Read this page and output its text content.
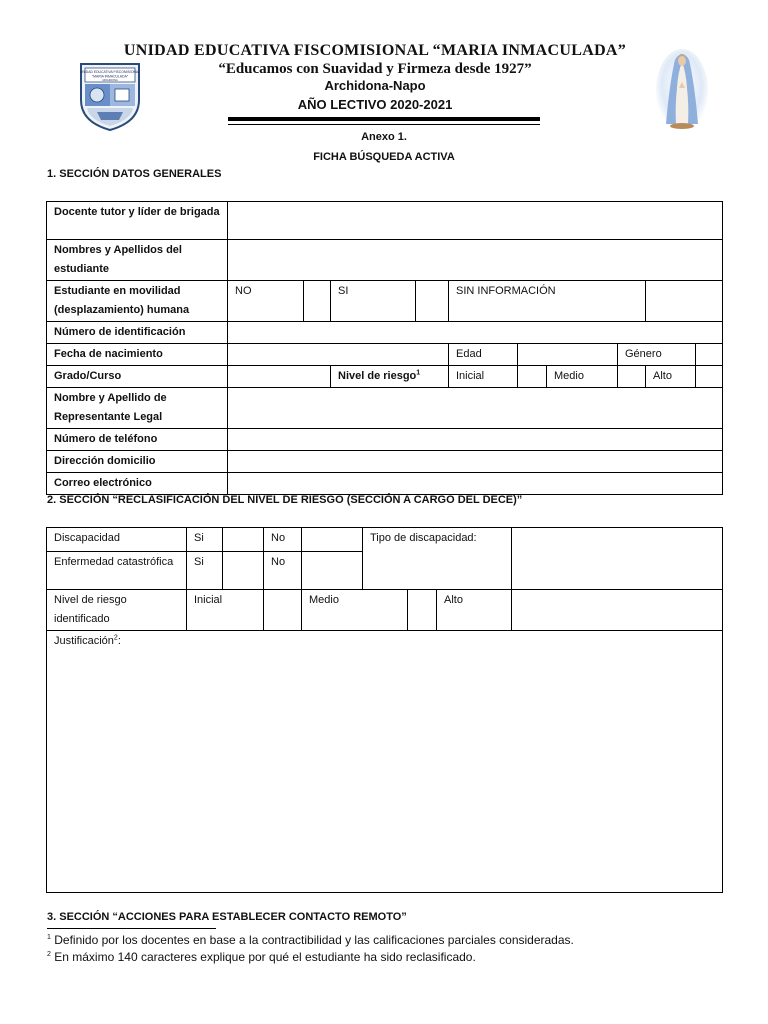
UNIDAD EDUCATIVA FISCOMISIONAL
"MARIA INMACULADA"
ARCHIDONA
UNIDAD EDUCATIVA FISCOMISIONAL “MARIA INMACULADA”
“Educamos con Suavidad y Firmeza desde 1927”
Archidona-Napo
AÑO LECTIVO 2020-2021
Anexo 1.
FICHA BÚSQUEDA ACTIVA
1. SECCIÓN DATOS GENERALES
Docente tutor y líder de brigada										
Nombres y Apellidos del estudiante										
Estudiante en movilidad (desplazamiento) humana	NO		SI		SIN INFORMACIÓN					
Número de identificación										
Fecha de nacimiento					Edad			Género		
Grado/Curso			Nivel de riesgo$^1$		Inicial		Medio		Alto	
Nombre y Apellido de Representante Legal										
Número de teléfono										
Dirección domicilio										
Correo electrónico										
2. SECCIÓN “RECLASIFICACIÓN DEL NIVEL DE RIESGO (SECCIÓN A CARGO DEL DECE)”
Discapacidad	Si		No		Tipo de discapacidad:			
Enfermedad catastrófica	Si		No					
Nivel de riesgo identificado	Inicial			Medio			Alto	
Justificación$^2$:								
3. SECCIÓN “ACCIONES PARA ESTABLECER CONTACTO REMOTO”
$^1$ Definido por los docentes en base a la contractibilidad y las calificaciones parciales consideradas.
$^2$ En máximo 140 caracteres explique por qué el estudiante ha sido reclasificado.
